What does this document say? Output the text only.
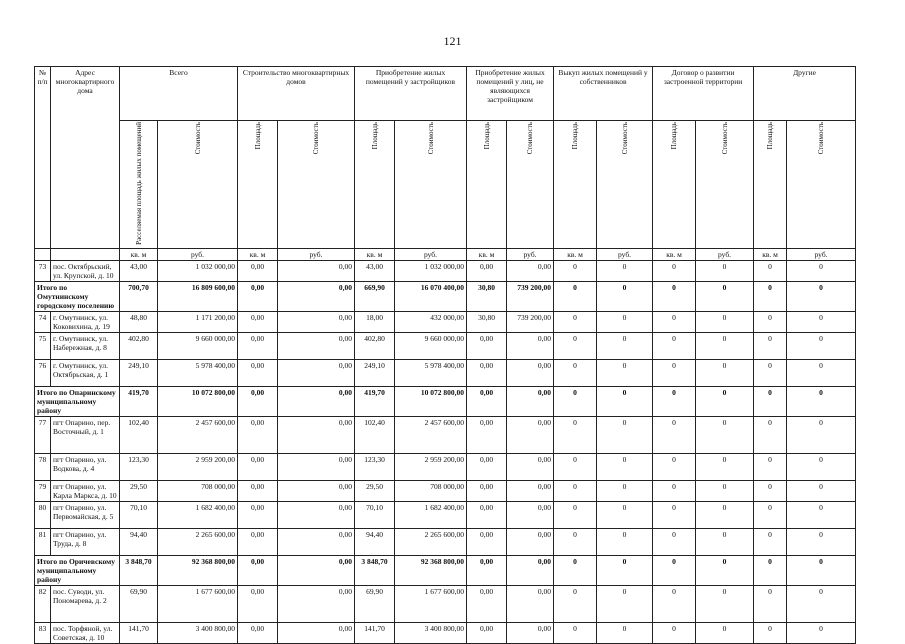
121
№ п/п	Адрес многоквартирного дома	Всего		Строительство многоквартирных домов		Приобретение жилых помещений у застройщиков		Приобретение жилых помещений у лиц, не являющихся застройщиком		Выкуп жилых помещений у собственников		Договор о развитии застроенной территории		Другие	
		Расселяемая площадь жилых помещений	Стоимость	Площадь	Стоимость	Площадь	Стоимость	Площадь	Стоимость	Площадь	Стоимость	Площадь	Стоимость	Площадь	Стоимость
		кв. м	руб.	кв. м	руб.	кв. м	руб.	кв. м	руб.	кв. м	руб.	кв. м	руб.	кв. м	руб.
73	пос. Октябрьский, ул. Крупской, д. 10	43,00	1 032 000,00	0,00	0,00	43,00	1 032 000,00	0,00	0,00	0	0	0	0	0	0
Итого по Омутнинскому городскому поселению		700,70	16 809 600,00	0,00	0,00	669,90	16 070 400,00	30,80	739 200,00	0	0	0	0	0	0
74	г. Омутнинск, ул. Коковихина, д. 19	48,80	1 171 200,00	0,00	0,00	18,00	432 000,00	30,80	739 200,00	0	0	0	0	0	0
75	г. Омутнинск, ул. Набережная, д. 8	402,80	9 660 000,00	0,00	0,00	402,80	9 660 000,00	0,00	0,00	0	0	0	0	0	0
76	г. Омутнинск, ул. Октябрьская, д. 1	249,10	5 978 400,00	0,00	0,00	249,10	5 978 400,00	0,00	0,00	0	0	0	0	0	0
Итого по Опаринскому муниципальному району		419,70	10 072 800,00	0,00	0,00	419,70	10 072 800,00	0,00	0,00	0	0	0	0	0	0
77	пгт Опарино, пер. Восточный, д. 1	102,40	2 457 600,00	0,00	0,00	102,40	2 457 600,00	0,00	0,00	0	0	0	0	0	0
78	пгт Опарино, ул. Водкова, д. 4	123,30	2 959 200,00	0,00	0,00	123,30	2 959 200,00	0,00	0,00	0	0	0	0	0	0
79	пгт Опарино, ул. Карла Маркса, д. 10	29,50	708 000,00	0,00	0,00	29,50	708 000,00	0,00	0,00	0	0	0	0	0	0
80	пгт Опарино, ул. Первомайская, д. 5	70,10	1 682 400,00	0,00	0,00	70,10	1 682 400,00	0,00	0,00	0	0	0	0	0	0
81	пгт Опарино, ул. Труда, д. 8	94,40	2 265 600,00	0,00	0,00	94,40	2 265 600,00	0,00	0,00	0	0	0	0	0	0
Итого по Оричевскому муниципальному району		3 848,70	92 368 800,00	0,00	0,00	3 848,70	92 368 800,00	0,00	0,00	0	0	0	0	0	0
82	пос. Суводи, ул. Пономарева, д. 2	69,90	1 677 600,00	0,00	0,00	69,90	1 677 600,00	0,00	0,00	0	0	0	0	0	0
83	пос. Торфяной, ул. Советская, д. 10	141,70	3 400 800,00	0,00	0,00	141,70	3 400 800,00	0,00	0,00	0	0	0	0	0	0
